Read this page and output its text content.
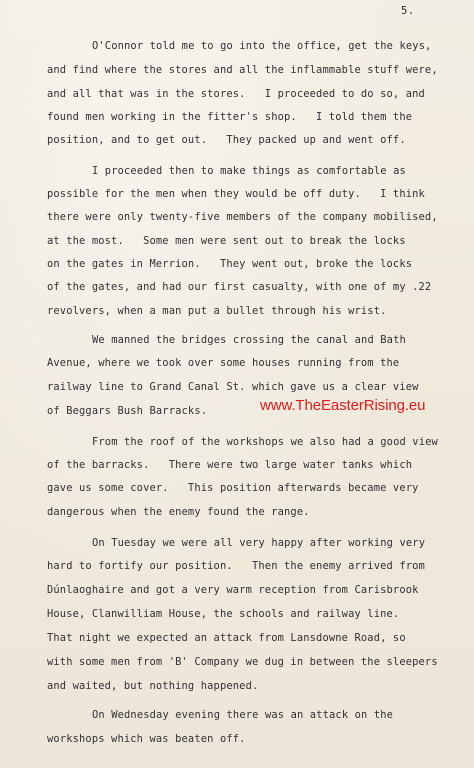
5.
O'Connor told me to go into the office, get the keys,
and find where the stores and all the inflammable stuff were,
and all that was in the stores.   I proceeded to do so, and
found men working in the fitter's shop.   I told them the
position, and to get out.   They packed up and went off.
I proceeded then to make things as comfortable as
possible for the men when they would be off duty.   I think
there were only twenty-five members of the company mobilised,
at the most.   Some men were sent out to break the locks
on the gates in Merrion.   They went out, broke the locks
of the gates, and had our first casualty, with one of my .22
revolvers, when a man put a bullet through his wrist.
We manned the bridges crossing the canal and Bath
Avenue, where we took over some houses running from the
railway line to Grand Canal St. which gave us a clear view
of Beggars Bush Barracks.	www.TheEasterRising.eu
From the roof of the workshops we also had a good view
of the barracks.   There were two large water tanks which
gave us some cover.   This position afterwards became very
dangerous when the enemy found the range.
On Tuesday we were all very happy after working very
hard to fortify our position.   Then the enemy arrived from
Dúnlaoghaire and got a very warm reception from Carisbrook
House, Clanwilliam House, the schools and railway line.
That night we expected an attack from Lansdowne Road, so
with some men from 'B' Company we dug in between the sleepers
and waited, but nothing happened.
On Wednesday evening there was an attack on the
workshops which was beaten off.
